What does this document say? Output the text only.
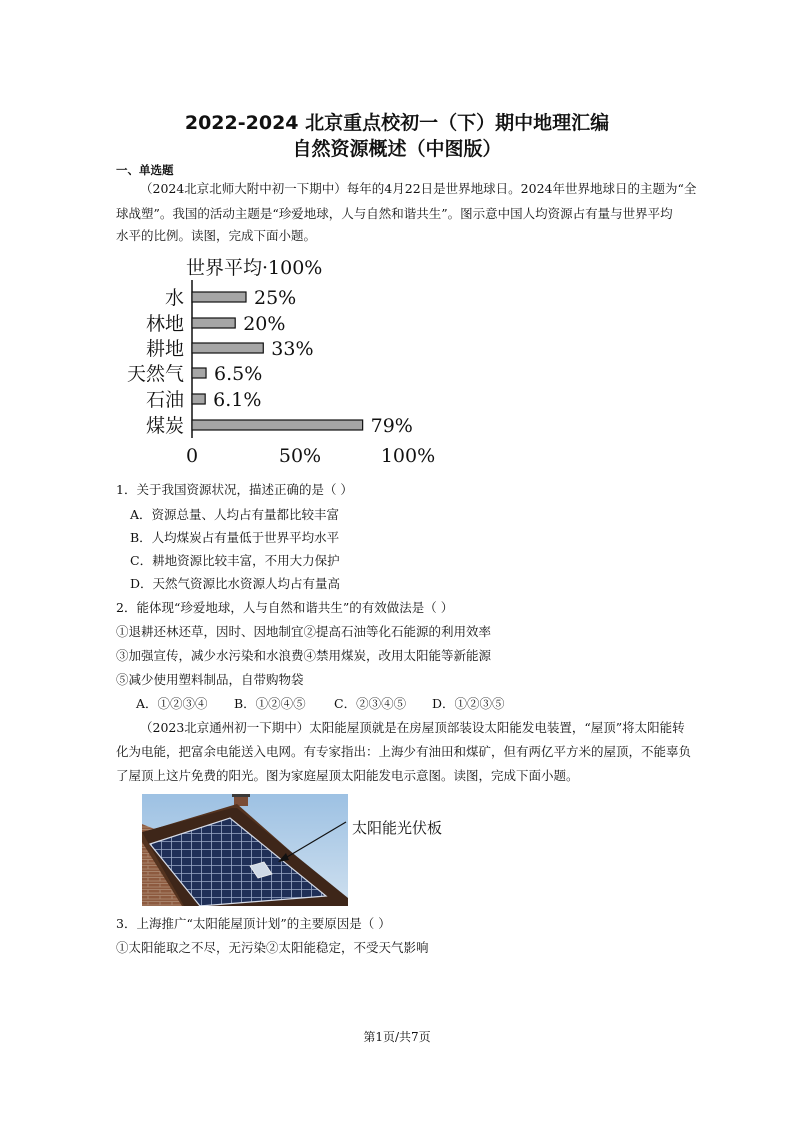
2022-2024 北京重点校初一（下）期中地理汇编
自然资源概述（中图版）
一、单选题
（2024北京北师大附中初一下期中）每年的4月22日是世界地球日。2024年世界地球日的主题为“全
球战塑”。我国的活动主题是“珍爱地球，人与自然和谐共生”。图示意中国人均资源占有量与世界平均
水平的比例。读图，完成下面小题。
世界平均·100%
水	25%
林地	20%
耕地	33%
天然气 6.5%
石油 6.1%
煤炭	79%
0	50%	100%
1．关于我国资源状况，描述正确的是（ ）
A．资源总量、人均占有量都比较丰富
B．人均煤炭占有量低于世界平均水平
C．耕地资源比较丰富，不用大力保护
D．天然气资源比水资源人均占有量高
2．能体现“珍爱地球，人与自然和谐共生”的有效做法是（ ）
①退耕还林还草，因时、因地制宜②提高石油等化石能源的利用效率
③加强宣传，减少水污染和水浪费④禁用煤炭，改用太阳能等新能源
⑤减少使用塑料制品，自带购物袋
A．①②③④ B．①②④⑤ C．②③④⑤ D．①②③⑤
（2023北京通州初一下期中）太阳能屋顶就是在房屋顶部装设太阳能发电装置，“屋顶”将太阳能转
化为电能，把富余电能送入电网。有专家指出：上海少有油田和煤矿，但有两亿平方米的屋顶，不能辜负
了屋顶上这片免费的阳光。图为家庭屋顶太阳能发电示意图。读图，完成下面小题。
太阳能光伏板
3．上海推广“太阳能屋顶计划”的主要原因是（ ）
①太阳能取之不尽，无污染②太阳能稳定，不受天气影响
第1页/共7页
